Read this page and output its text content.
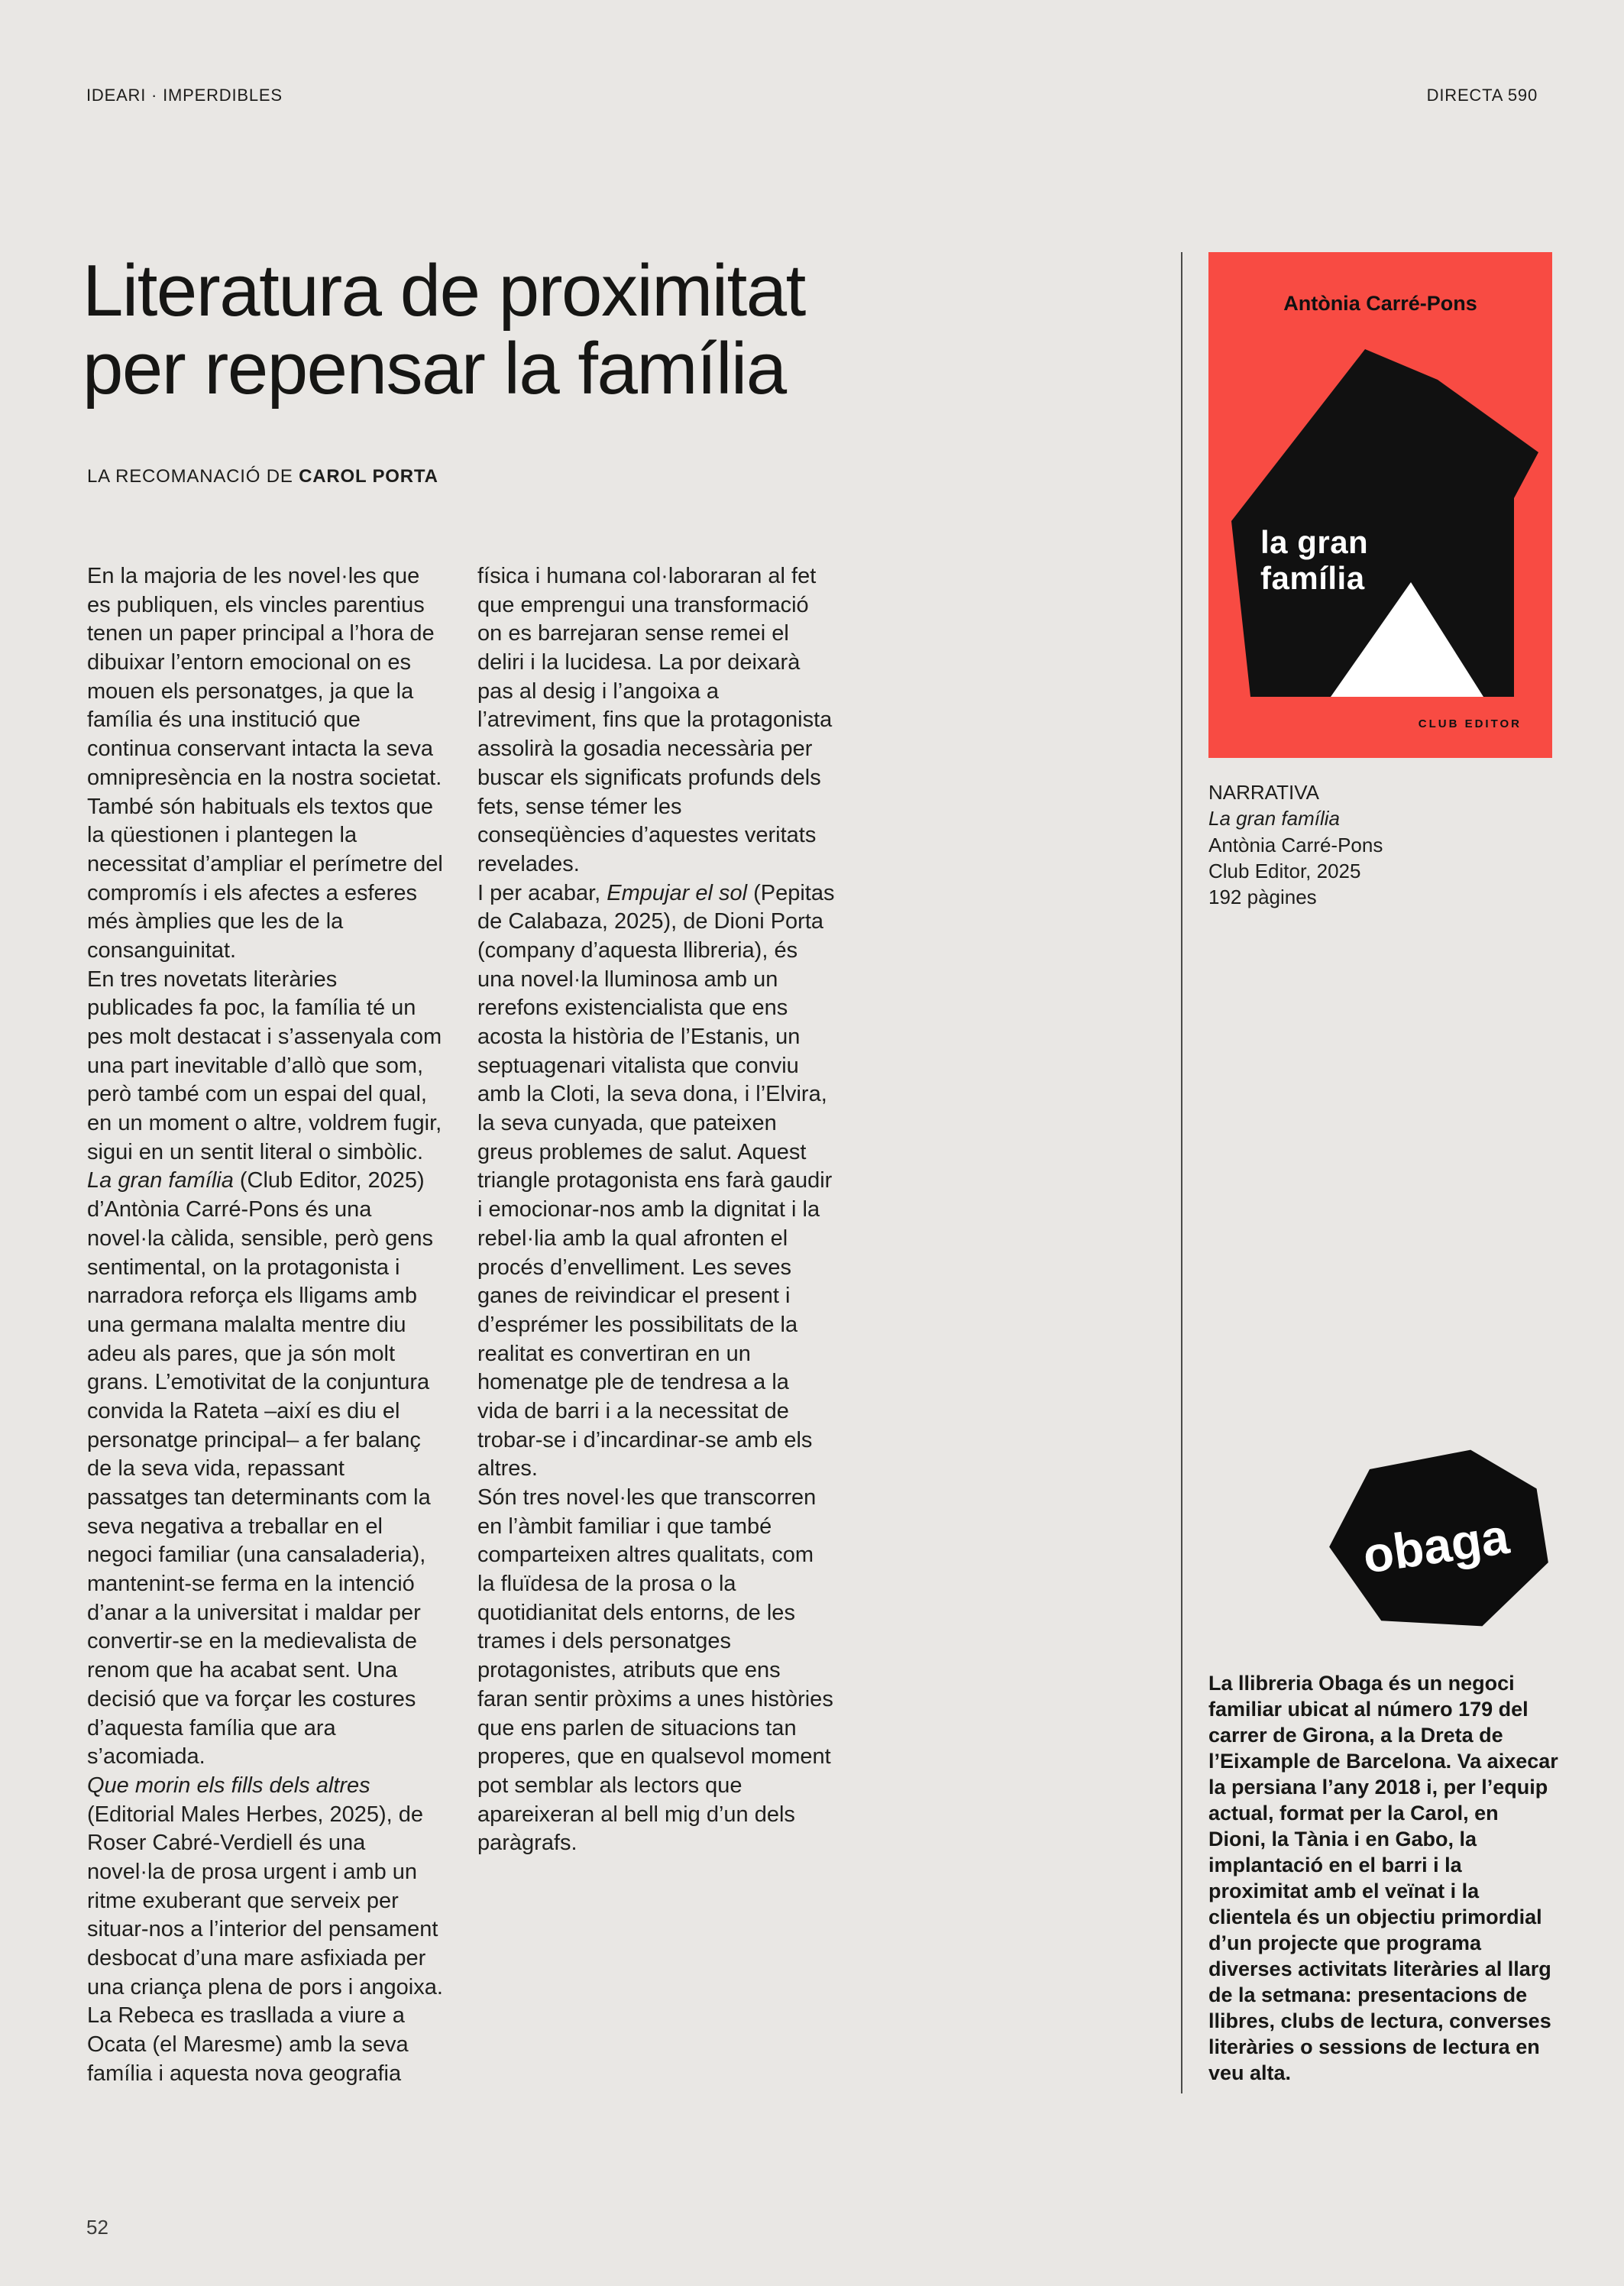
IDEARI · IMPERDIBLES	DIRECTA 590
Literatura de proximitat
per repensar la família
LA RECOMANACIÓ DE CAROL PORTA

En la majoria de les novel·les que es publiquen, els vincles parentius tenen un paper principal a l’hora de dibuixar l’entorn emocional on es mouen els personatges, ja que la família és una institució que continua conservant intacta la seva omnipresència en la nostra societat. També són habituals els textos que la qüestionen i plantegen la necessitat d’ampliar el perímetre del compromís i els afectes a esferes més àmplies que les de la consanguinitat.

En tres novetats literàries publicades fa poc, la família té un pes molt destacat i s’assenyala com una part inevitable d’allò que som, però també com un espai del qual, en un moment o altre, voldrem fugir, sigui en un sentit literal o simbòlic.

La gran família (Club Editor, 2025) d’Antònia Carré-Pons és una novel·la càlida, sensible, però gens sentimental, on la protagonista i narradora reforça els lligams amb una germana malalta mentre diu adeu als pares, que ja són molt grans. L’emotivitat de la conjuntura convida la Rateta –així es diu el personatge principal– a fer balanç de la seva vida, repassant passatges tan determinants com la seva negativa a treballar en el negoci familiar (una cansaladeria), mantenint-se ferma en la intenció d’anar a la universitat i maldar per convertir-se en la medievalista de renom que ha acabat sent. Una decisió que va forçar les costures d’aquesta família que ara s’acomiada.

Que morin els fills dels altres (Editorial Males Herbes, 2025), de Roser Cabré-Verdiell és una novel·la de prosa urgent i amb un ritme exuberant que serveix per situar-nos a l’interior del pensament desbocat d’una mare asfixiada per una criança plena de pors i angoixa. La Rebeca es trasllada a viure a Ocata (el Maresme) amb la seva família i aquesta nova geografia física i humana col·laboraran al fet que emprengui una transformació on es barrejaran sense remei el deliri i la lucidesa. La por deixarà pas al desig i l’angoixa a l’atreviment, fins que la protagonista assolirà la gosadia necessària per buscar els significats profunds dels fets, sense témer les conseqüències d’aquestes veritats revelades.

I per acabar, Empujar el sol (Pepitas de Calabaza, 2025), de Dioni Porta (company d’aquesta llibreria), és una novel·la lluminosa amb un rerefons existencialista que ens acosta la història de l’Estanis, un septuagenari vitalista que conviu amb la Cloti, la seva dona, i l’Elvira, la seva cunyada, que pateixen greus problemes de salut. Aquest triangle protagonista ens farà gaudir i emocionar-nos amb la dignitat i la rebel·lia amb la qual afronten el procés d’envelliment. Les seves ganes de reivindicar el present i d’esprémer les possibilitats de la realitat es convertiran en un homenatge ple de tendresa a la vida de barri i a la necessitat de trobar-se i d’incardinar-se amb els altres.

Són tres novel·les que transcorren en l’àmbit familiar i que també comparteixen altres qualitats, com la fluïdesa de la prosa o la quotidianitat dels entorns, de les trames i dels personatges protagonistes, atributs que ens faran sentir pròxims a unes històries que ens parlen de situacions tan properes, que en qualsevol moment pot semblar als lectors que apareixeran al bell mig d’un dels paràgrafs.

Antònia Carré-Pons
la gran
família
CLUB EDITOR
NARRATIVA
La gran família
Antònia Carré-Pons
Club Editor, 2025
192 pàgines
obaga
La llibreria Obaga és un negoci familiar ubicat al número 179 del carrer de Girona, a la Dreta de l’Eixample de Barcelona. Va aixecar la persiana l’any 2018 i, per l’equip actual, format per la Carol, en Dioni, la Tània i en Gabo, la implantació en el barri i la proximitat amb el veïnat i la clientela és un objectiu primordial d’un projecte que programa diverses activitats literàries al llarg de la setmana: presentacions de llibres, clubs de lectura, converses literàries o sessions de lectura en veu alta.
52
